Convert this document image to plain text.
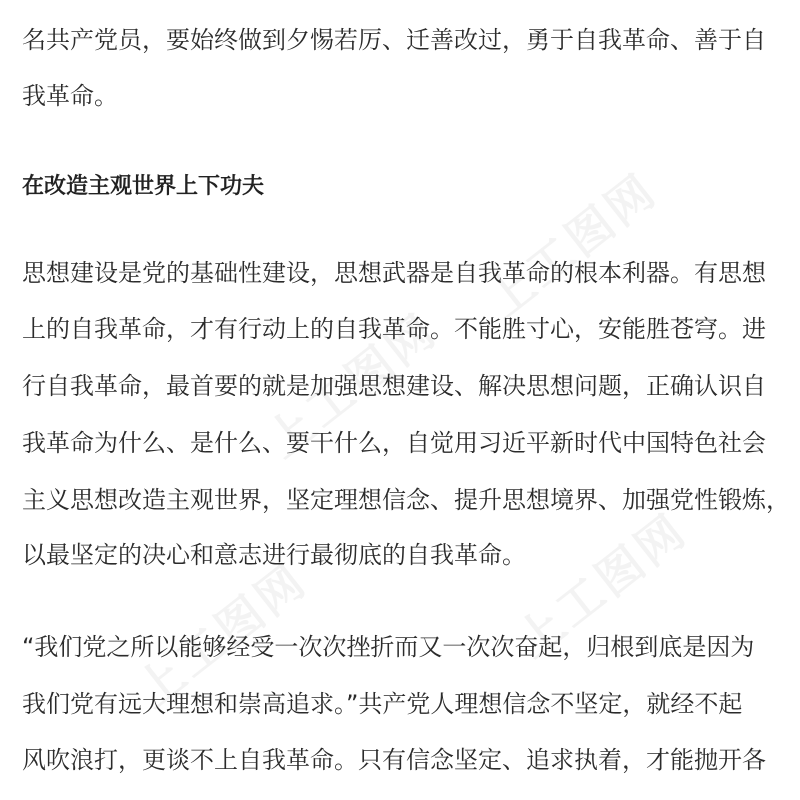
上工图网
上工图网
上工图网
上工图网
名共产党员，要始终做到夕惕若厉、迁善改过，勇于自我革命、善于自
我革命。
在改造主观世界上下功夫
思想建设是党的基础性建设，思想武器是自我革命的根本利器。有思想
上的自我革命，才有行动上的自我革命。不能胜寸心，安能胜苍穹。进
行自我革命，最首要的就是加强思想建设、解决思想问题，正确认识自
我革命为什么、是什么、要干什么，自觉用习近平新时代中国特色社会
主义思想改造主观世界，坚定理想信念、提升思想境界、加强党性锻炼，
以最坚定的决心和意志进行最彻底的自我革命。
“我们党之所以能够经受一次次挫折而又一次次奋起，归根到底是因为
我们党有远大理想和崇高追求。”共产党人理想信念不坚定，就经不起
风吹浪打，更谈不上自我革命。只有信念坚定、追求执着，才能抛开各
